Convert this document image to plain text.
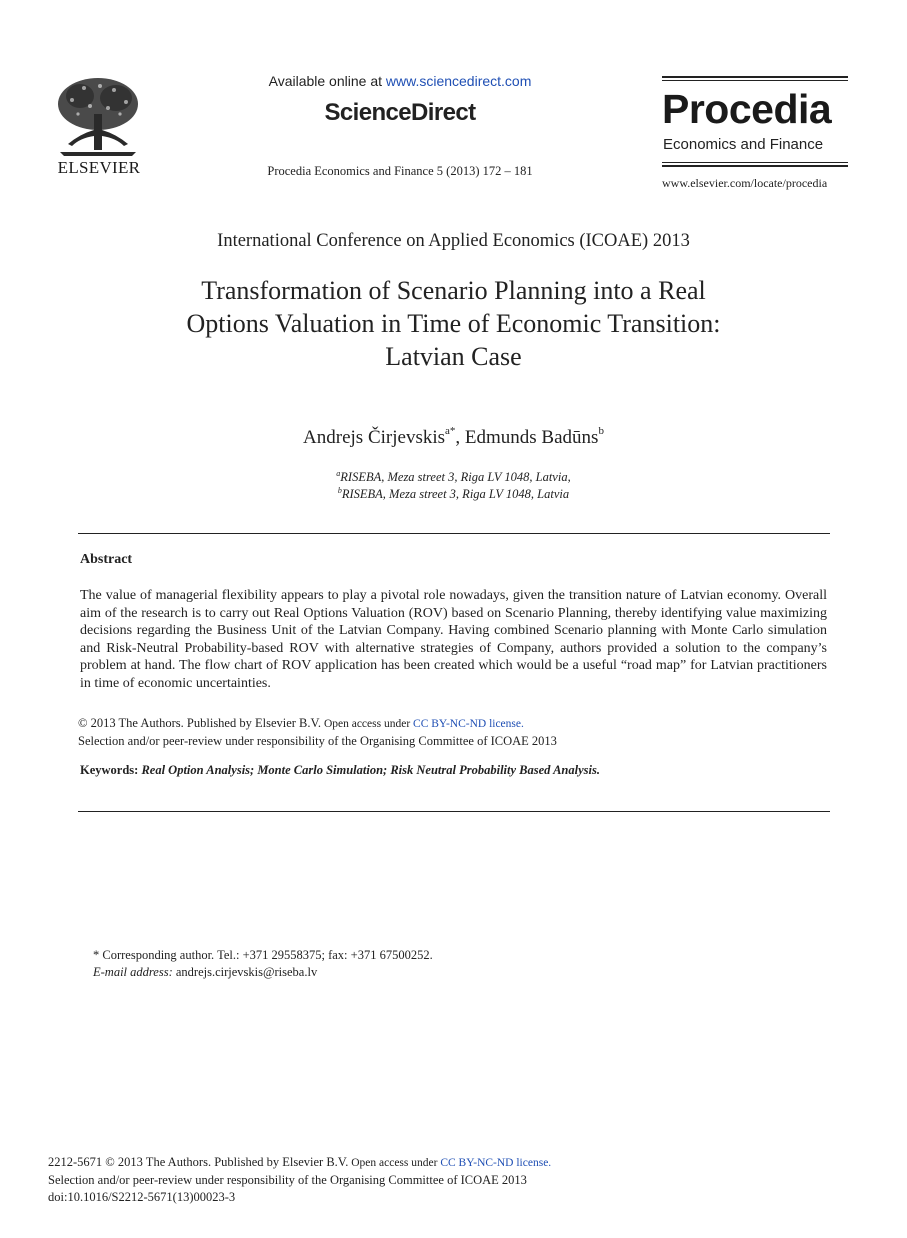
ELSEVIER
Available online at www.sciencedirect.com
ScienceDirect
Procedia Economics and Finance 5 (2013) 172 – 181
Procedia
Economics and Finance
www.elsevier.com/locate/procedia
International Conference on Applied Economics (ICOAE) 2013
Transformation of Scenario Planning into a Real
Options Valuation in Time of Economic Transition:
Latvian Case
Andrejs Čirjevskis$^{a*}$, Edmunds Badūns$^b$
$^a$RISEBA, Meza street 3, Riga LV 1048, Latvia,
$^b$RISEBA, Meza street 3, Riga LV 1048, Latvia
Abstract
The value of managerial flexibility appears to play a pivotal role nowadays, given the transition nature of Latvian economy. Overall aim of the research is to carry out Real Options Valuation (ROV) based on Scenario Planning, thereby identifying value maximizing decisions regarding the Business Unit of the Latvian Company. Having combined Scenario planning with Monte Carlo simulation and Risk-Neutral Probability-based ROV with alternative strategies of Company, authors provided a solution to the company’s problem at hand. The flow chart of ROV application has been created which would be a useful “road map” for Latvian practitioners in time of economic uncertainties.
© 2013 The Authors. Published by Elsevier B.V. Open access under CC BY-NC-ND license.
Selection and/or peer-review under responsibility of the Organising Committee of ICOAE 2013
Keywords: Real Option Analysis; Monte Carlo Simulation; Risk Neutral Probability Based Analysis.
* Corresponding author. Tel.: +371 29558375; fax: +371 67500252.
E-mail address: andrejs.cirjevskis@riseba.lv
2212-5671 © 2013 The Authors. Published by Elsevier B.V. Open access under CC BY-NC-ND license.
Selection and/or peer-review under responsibility of the Organising Committee of ICOAE 2013
doi:10.1016/S2212-5671(13)00023-3
